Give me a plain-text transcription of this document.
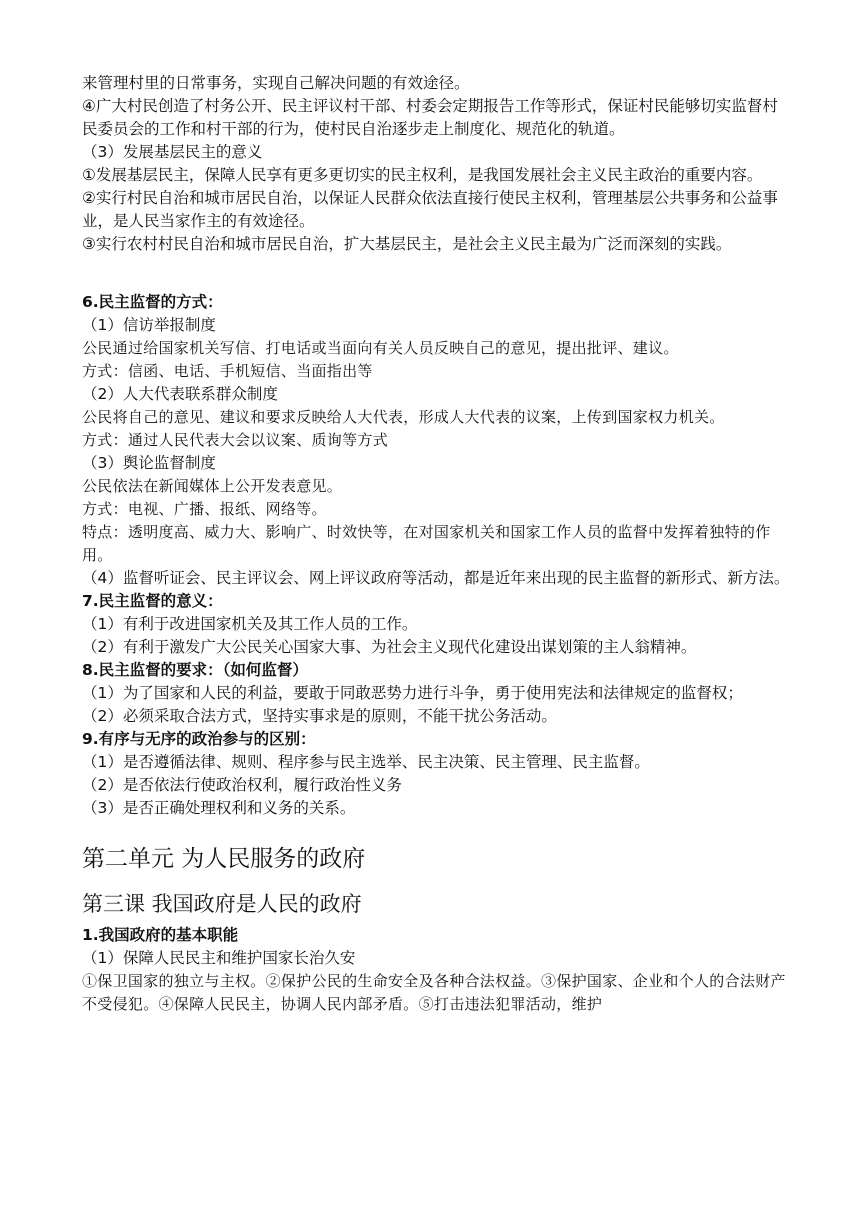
来管理村里的日常事务，实现自己解决问题的有效途径。

④广大村民创造了村务公开、民主评议村干部、村委会定期报告工作等形式，保证村民能够切实监督村民委员会的工作和村干部的行为，使村民自治逐步走上制度化、规范化的轨道。

（3）发展基层民主的意义

①发展基层民主，保障人民享有更多更切实的民主权利，是我国发展社会主义民主政治的重要内容。

②实行村民自治和城市居民自治，以保证人民群众依法直接行使民主权利，管理基层公共事务和公益事业，是人民当家作主的有效途径。

③实行农村村民自治和城市居民自治，扩大基层民主，是社会主义民主最为广泛而深刻的实践。

6.民主监督的方式：

（1）信访举报制度

公民通过给国家机关写信、打电话或当面向有关人员反映自己的意见，提出批评、建议。

方式：信函、电话、手机短信、当面指出等

（2）人大代表联系群众制度

公民将自己的意见、建议和要求反映给人大代表，形成人大代表的议案，上传到国家权力机关。

方式：通过人民代表大会以议案、质询等方式

（3）舆论监督制度

公民依法在新闻媒体上公开发表意见。

方式：电视、广播、报纸、网络等。

特点：透明度高、威力大、影响广、时效快等，在对国家机关和国家工作人员的监督中发挥着独特的作用。

（4）监督听证会、民主评议会、网上评议政府等活动，都是近年来出现的民主监督的新形式、新方法。

7.民主监督的意义：

（1）有利于改进国家机关及其工作人员的工作。

（2）有利于激发广大公民关心国家大事、为社会主义现代化建设出谋划策的主人翁精神。

8.民主监督的要求：（如何监督）

（1）为了国家和人民的利益，要敢于同敢恶势力进行斗争，勇于使用宪法和法律规定的监督权；

（2）必须采取合法方式，坚持实事求是的原则，不能干扰公务活动。

9.有序与无序的政治参与的区别：

（1）是否遵循法律、规则、程序参与民主选举、民主决策、民主管理、民主监督。

（2）是否依法行使政治权利，履行政治性义务

（3）是否正确处理权利和义务的关系。

第二单元 为人民服务的政府
第三课 我国政府是人民的政府

1.我国政府的基本职能

（1）保障人民民主和维护国家长治久安

①保卫国家的独立与主权。②保护公民的生命安全及各种合法权益。③保护国家、企业和个人的合法财产不受侵犯。④保障人民民主，协调人民内部矛盾。⑤打击违法犯罪活动，维护
